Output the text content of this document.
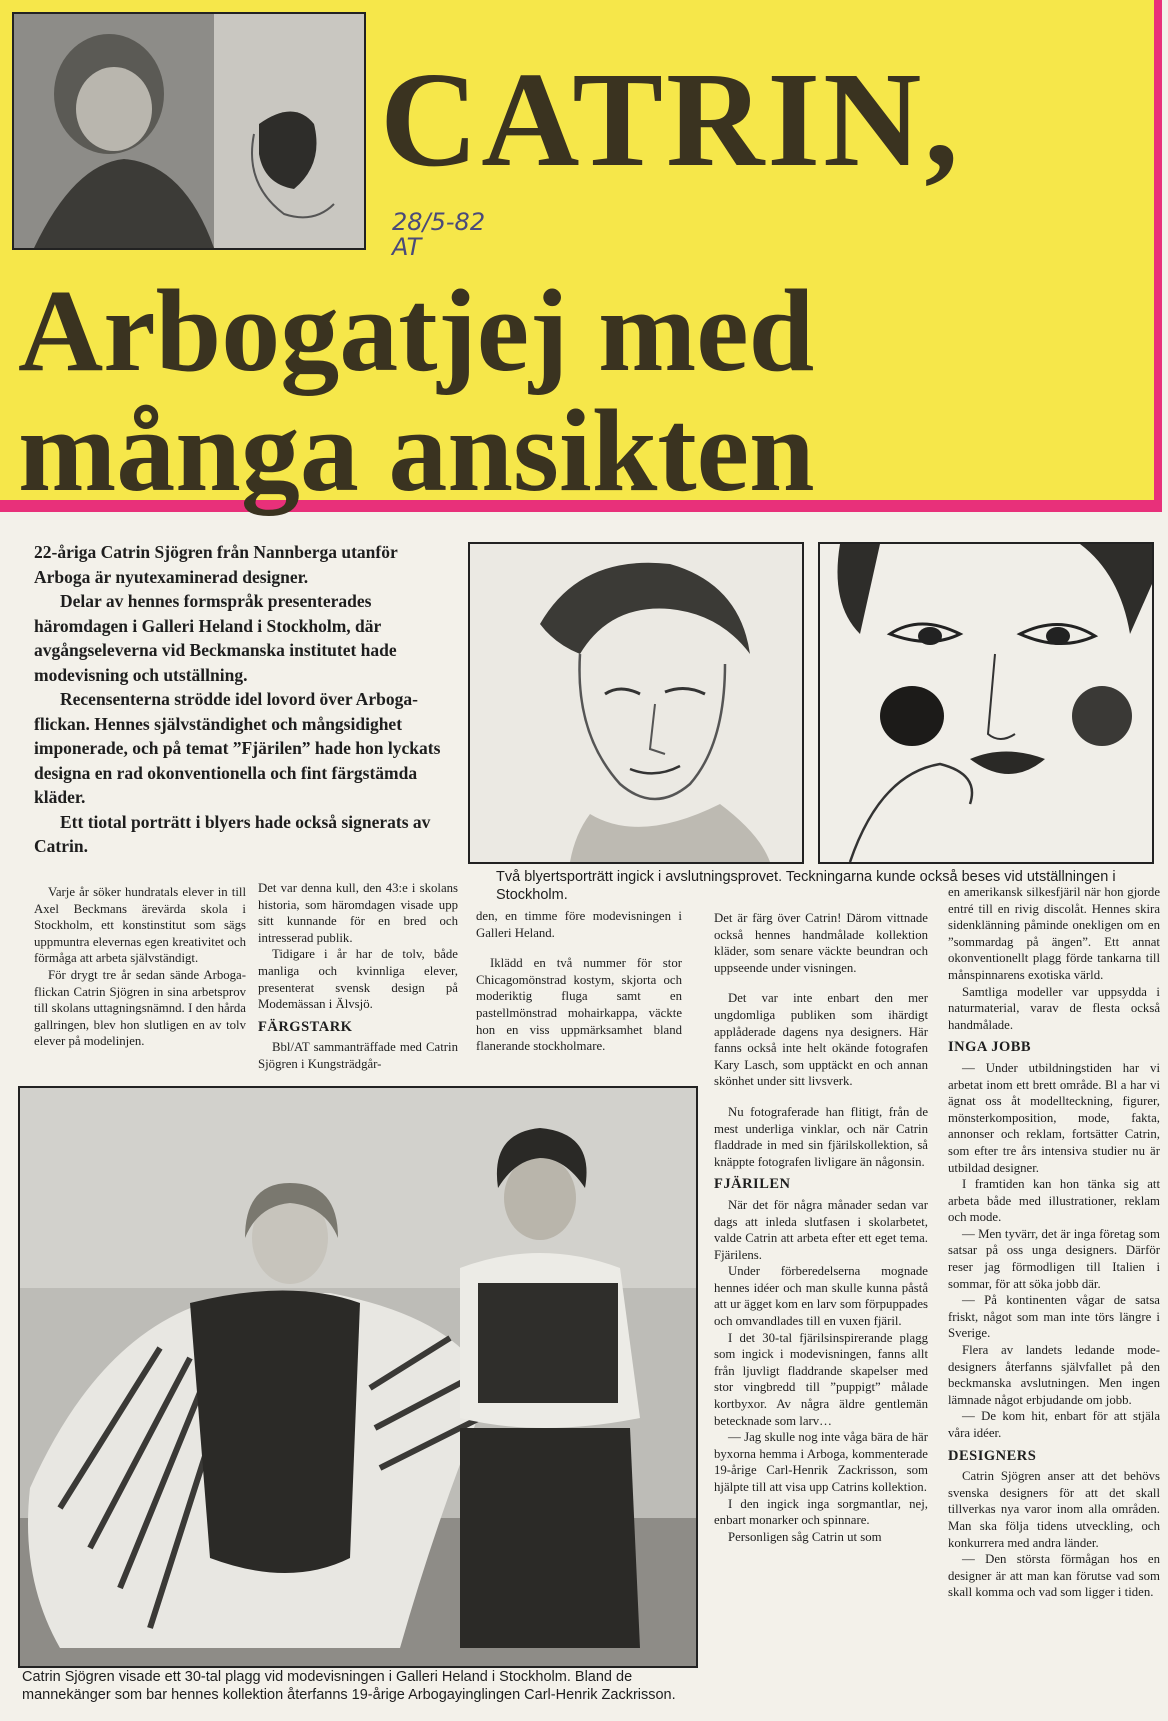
CATRIN,
28/5-82
AT
Arbogatjej med
många ansikten

22-åriga Catrin Sjögren från Nannberga utanför Arboga är nyutexaminerad designer.

Delar av hennes formspråk presenterades häromdagen i Galleri Heland i Stockholm, där avgångseleverna vid Beckmanska institutet hade modevisning och utställning.

Recensenterna strödde idel lovord över Arboga-flickan. Hennes självständighet och mångsidighet imponerade, och på temat ”Fjärilen” hade hon lyckats designa en rad okonventionella och fint färgstämda kläder.

Ett tiotal porträtt i blyers hade också signerats av Catrin.

Två blyertsporträtt ingick i avslutningsprovet. Teckningarna kunde också beses vid utställningen i Stockholm.

Varje år söker hundratals elever in till Axel Beckmans ärevärda skola i Stockholm, ett konstinstitut som sägs uppmuntra elevernas egen kreativitet och förmåga att arbeta självständigt.

För drygt tre år sedan sände Arboga-flickan Catrin Sjögren in sina arbetsprov till skolans uttagningsnämnd. I den hårda gallringen, blev hon slutligen en av tolv elever på modelinjen.

Det var denna kull, den 43:e i skolans historia, som häromdagen visade upp sitt kunnande för en bred och intresserad publik.

Tidigare i år har de tolv, både manliga och kvinnliga elever, presenterat svensk design på Modemässan i Älvsjö.

FÄRGSTARK

Bbl/AT sammanträffade med Catrin Sjögren i Kungsträdgår-

den, en timme före modevisningen i Galleri Heland.

Iklädd en två nummer för stor Chicagomönstrad kostym, skjorta och moderiktig fluga samt en pastellmönstrad mohairkappa, väckte hon en viss uppmärksamhet bland flanerande stockholmare.

Catrin Sjögren visade ett 30-tal plagg vid modevisningen i Galleri Heland i Stockholm. Bland de mannekänger som bar hennes kollektion återfanns 19-årige Arbogayinglingen Carl-Henrik Zackrisson.

Det är färg över Catrin! Därom vittnade också hennes handmålade kollektion kläder, som senare väckte beundran och uppseende under visningen.

Det var inte enbart den mer ungdomliga publiken som ihärdigt applåderade dagens nya designers. Här fanns också inte helt okände fotografen Kary Lasch, som upptäckt en och annan skönhet under sitt livsverk.

Nu fotograferade han flitigt, från de mest underliga vinklar, och när Catrin fladdrade in med sin fjärilskollektion, så knäppte fotografen livligare än någonsin.

FJÄRILEN

När det för några månader sedan var dags att inleda slutfasen i skolarbetet, valde Catrin att arbeta efter ett eget tema. Fjärilens.

Under förberedelserna mognade hennes idéer och man skulle kunna påstå att ur ägget kom en larv som förpuppades och omvandlades till en vuxen fjäril.

I det 30-tal fjärilsinspirerande plagg som ingick i modevisningen, fanns allt från ljuvligt fladdrande skapelser med stor vingbredd till ”puppigt” målade kortbyxor. Av några äldre gentlemän betecknade som larv…

— Jag skulle nog inte våga bära de här byxorna hemma i Arboga, kommenterade 19-årige Carl-Henrik Zackrisson, som hjälpte till att visa upp Catrins kollektion.

I den ingick inga sorgmantlar, nej, enbart monarker och spinnare.

Personligen såg Catrin ut som

en amerikansk silkesfjäril när hon gjorde entré till en rivig discolåt. Hennes skira sidenklänning påminde onekligen om en ”sommardag på ängen”. Ett annat okonventionellt plagg förde tankarna till månspinnarens exotiska värld.

Samtliga modeller var uppsydda i naturmaterial, varav de flesta också handmålade.

INGA JOBB

— Under utbildningstiden har vi arbetat inom ett brett område. Bl a har vi ägnat oss åt modellteckning, figurer, mönsterkomposition, mode, fakta, annonser och reklam, fortsätter Catrin, som efter tre års intensiva studier nu är utbildad designer.

I framtiden kan hon tänka sig att arbeta både med illustrationer, reklam och mode.

— Men tyvärr, det är inga företag som satsar på oss unga designers. Därför reser jag förmodligen till Italien i sommar, för att söka jobb där.

— På kontinenten vågar de satsa friskt, något som man inte törs längre i Sverige.

Flera av landets ledande mode-designers återfanns självfallet på den beckmanska avslutningen. Men ingen lämnade något erbjudande om jobb.

— De kom hit, enbart för att stjäla våra idéer.

DESIGNERS

Catrin Sjögren anser att det behövs svenska designers för att det skall tillverkas nya varor inom alla områden. Man ska följa tidens utveckling, och konkurrera med andra länder.

— Den största förmågan hos en designer är att man kan förutse vad som skall komma och vad som ligger i tiden.
